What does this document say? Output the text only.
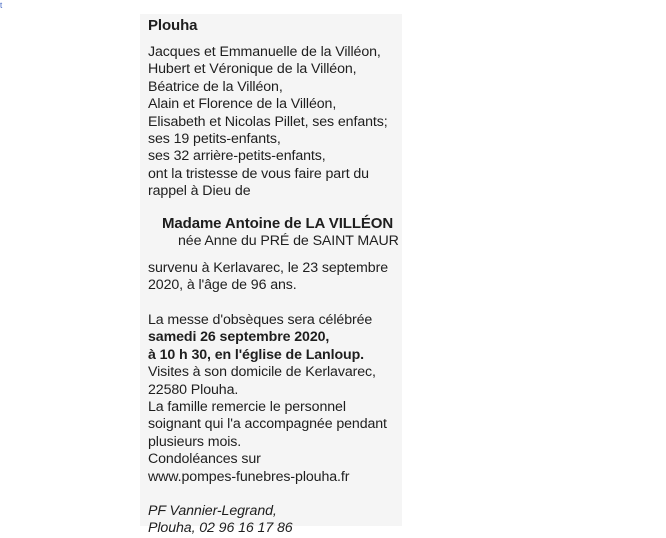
t
Plouha
Jacques et Emmanuelle de la Villéon,
Hubert et Véronique de la Villéon,
Béatrice de la Villéon,
Alain et Florence de la Villéon,
Elisabeth et Nicolas Pillet, ses enfants;
ses 19 petits-enfants,
ses 32 arrière-petits-enfants,
ont la tristesse de vous faire part du
rappel à Dieu de
Madame Antoine de LA VILLÉON
née Anne du PRÉ de SAINT MAUR
survenu à Kerlavarec, le 23 septembre
2020, à l'âge de 96 ans.
La messe d'obsèques sera célébrée
samedi 26 septembre 2020,
à 10 h 30, en l'église de Lanloup.
Visites à son domicile de Kerlavarec,
22580 Plouha.
La famille remercie le personnel
soignant qui l'a accompagnée pendant
plusieurs mois.
Condoléances sur
www.pompes-funebres-plouha.fr
PF Vannier-Legrand,
Plouha, 02 96 16 17 86
